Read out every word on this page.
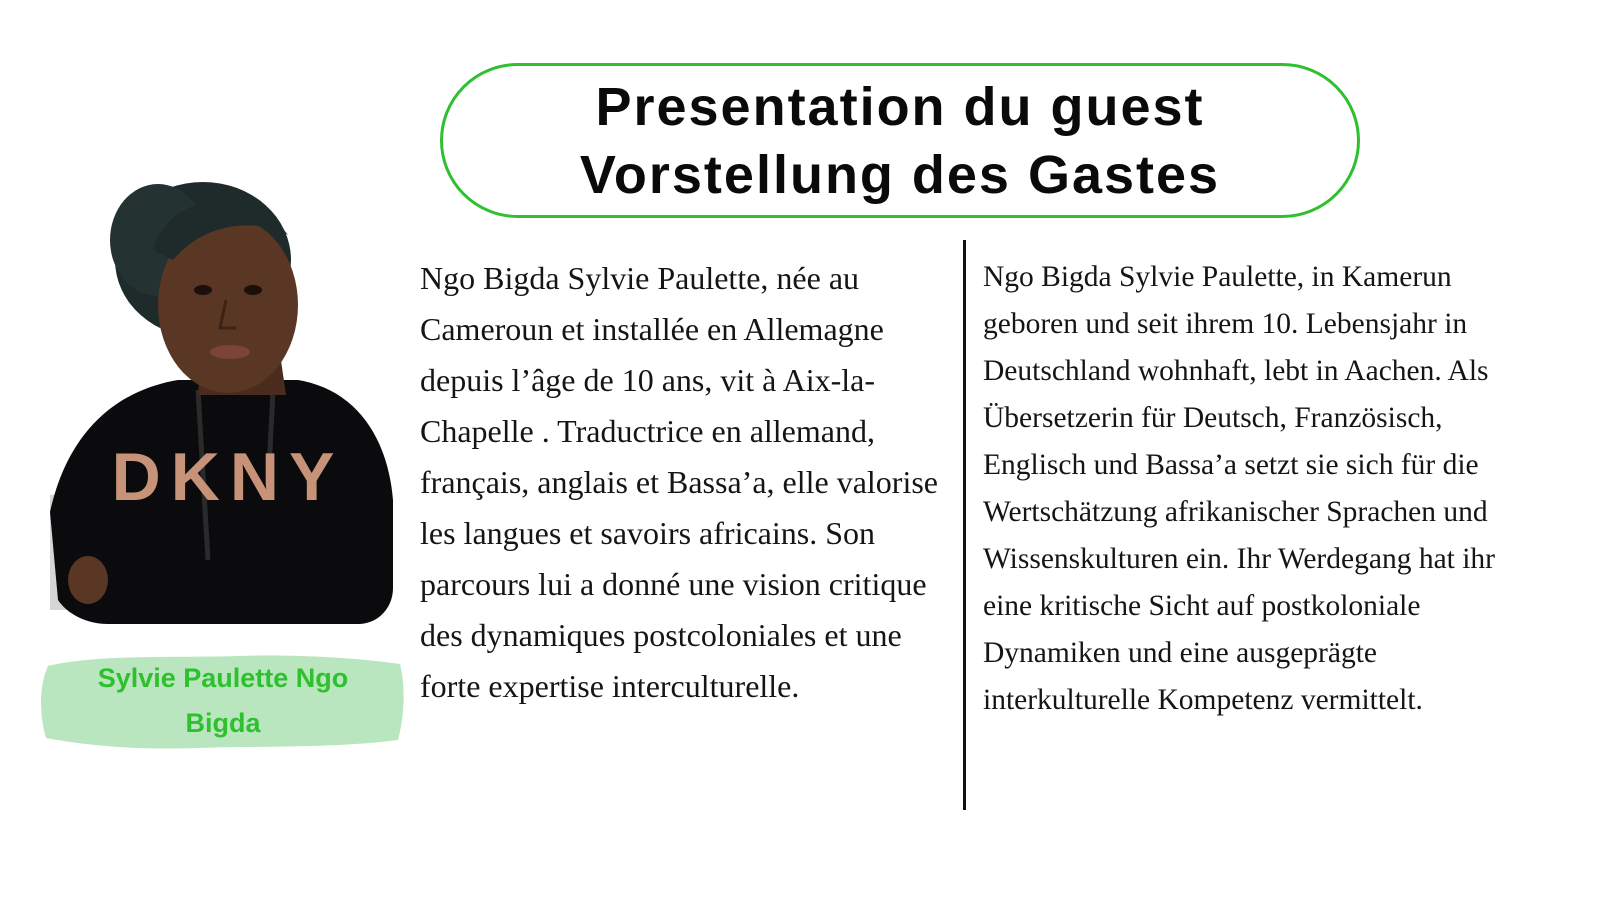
Presentation du guest
Vorstellung des Gastes
DKNY
Sylvie Paulette Ngo Bigda
Ngo Bigda Sylvie Paulette, née au Cameroun et installée en Allemagne depuis l’âge de 10 ans, vit à Aix-la-Chapelle . Traductrice en allemand, français, anglais et Bassa’a, elle valorise les langues et savoirs africains. Son parcours lui a donné une vision critique des dynamiques postcoloniales et une forte expertise interculturelle.
Ngo Bigda Sylvie Paulette, in Kamerun geboren und seit ihrem 10. Lebensjahr in Deutschland wohnhaft, lebt in Aachen. Als Übersetzerin für Deutsch, Französisch, Englisch und Bassa’a setzt sie sich für die Wertschätzung afrikanischer Sprachen und Wissenskulturen ein. Ihr Werdegang hat ihr eine kritische Sicht auf postkoloniale Dynamiken und eine ausgeprägte interkulturelle Kompetenz vermittelt.
